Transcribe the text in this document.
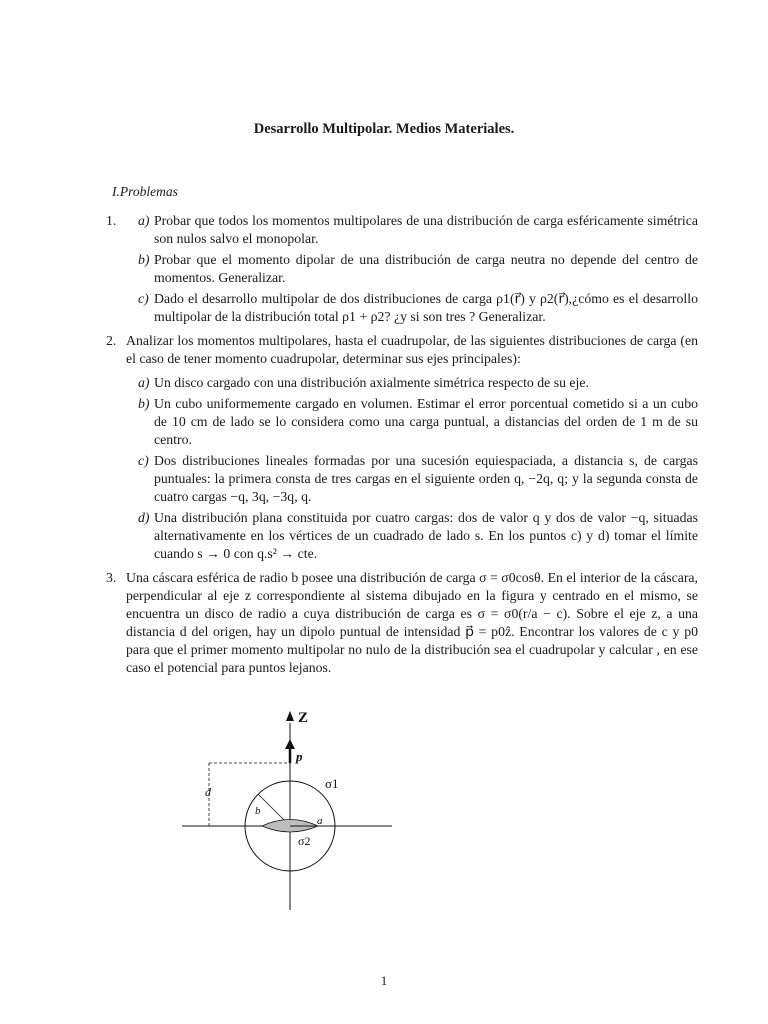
Desarrollo Multipolar. Medios Materiales.
I.Problemas
1. a) Probar que todos los momentos multipolares de una distribución de carga esféricamente simétrica son nulos salvo el monopolar.
b) Probar que el momento dipolar de una distribución de carga neutra no depende del centro de momentos. Generalizar.
c) Dado el desarrollo multipolar de dos distribuciones de carga ρ1(r⃗) y ρ2(r⃗),¿cómo es el desarrollo multipolar de la distribución total ρ1 + ρ2? ¿y si son tres ? Generalizar.
2. Analizar los momentos multipolares, hasta el cuadrupolar, de las siguientes distribuciones de carga (en el caso de tener momento cuadrupolar, determinar sus ejes principales):
a) Un disco cargado con una distribución axialmente simétrica respecto de su eje.
b) Un cubo uniformemente cargado en volumen. Estimar el error porcentual cometido si a un cubo de 10 cm de lado se lo considera como una carga puntual, a distancias del orden de 1 m de su centro.
c) Dos distribuciones lineales formadas por una sucesión equiespaciada, a distancia s, de cargas puntuales: la primera consta de tres cargas en el siguiente orden q, −2q, q; y la segunda consta de cuatro cargas −q, 3q, −3q, q.
d) Una distribución plana constituida por cuatro cargas: dos de valor q y dos de valor −q, situadas alternativamente en los vértices de un cuadrado de lado s. En los puntos c) y d) tomar el límite cuando s → 0 con q.s² → cte.
3. Una cáscara esférica de radio b posee una distribución de carga σ = σ0cosθ. En el interior de la cáscara, perpendicular al eje z correspondiente al sistema dibujado en la figura y centrado en el mismo, se encuentra un disco de radio a cuya distribución de carga es σ = σ0(r/a − c). Sobre el eje z, a una distancia d del origen, hay un dipolo puntual de intensidad p⃗ = p0ẑ. Encontrar los valores de c y p0 para que el primer momento multipolar no nulo de la distribución sea el cuadrupolar y calcular , en ese caso el potencial para puntos lejanos.
Z
p
d
σ1
b
a
σ2
1
